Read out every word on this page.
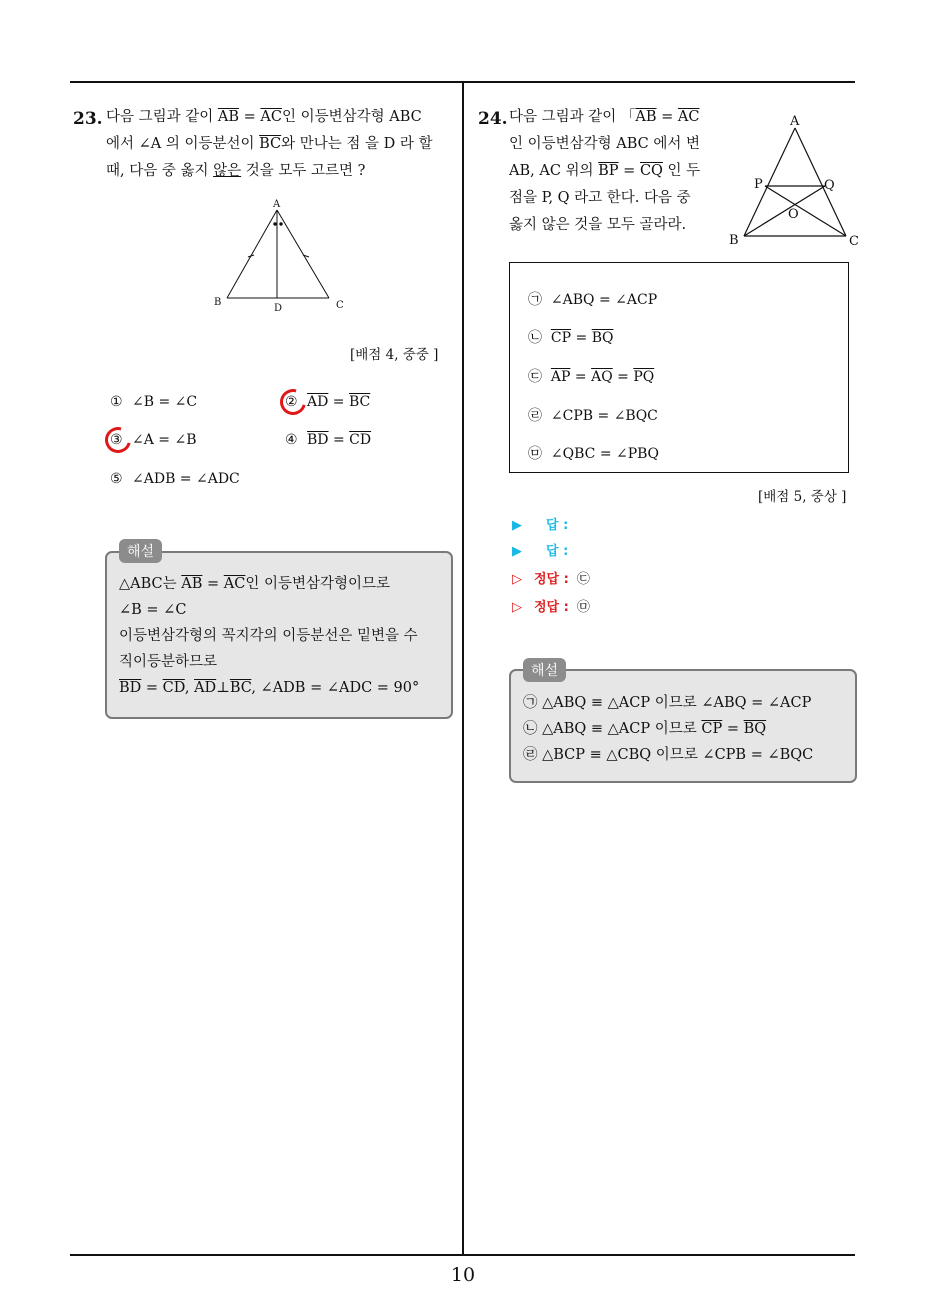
23. 다음 그림과 같이 $\overline{AB} = \overline{AC}$인 이등변삼각형 ABC
에서 ∠A 의 이등분선이 $\overline{BC}$와 만나는 점 을 D 라 할
때, 다음 중 옳지 않은 것을 모두 고르면 ?
A
B	C
D
[배점 4, 중중 ]
① ∠B = ∠C	② $\overline{AD} = \overline{BC}$
③ ∠A = ∠B	④ $\overline{BD} = \overline{CD}$
⑤ ∠ADB = ∠ADC
△ABC는 $\overline{AB} = \overline{AC}$인 이등변삼각형이므로
∠B = ∠C
이등변삼각형의 꼭지각의 이등분선은 밑변을 수
직이등분하므로
$\overline{BD} = \overline{CD}$, $\overline{AD}\perp\overline{BC}$, ∠ADB = ∠ADC = 90°
해설
24. 다음 그림과 같이 「$\overline{AB} = \overline{AC}$
인 이등변삼각형 ABC 에서 변
AB, AC 위의 $\overline{BP} = \overline{CQ}$ 인 두
점을 P, Q 라고 한다. 다음 중
옳지 않은 것을 모두 골라라.
A
B	C
P	Q
O
㉠ ∠ABQ = ∠ACP
㉡ $\overline{CP} = \overline{BQ}$
㉢ $\overline{AP} = \overline{AQ} = \overline{PQ}$
㉣ ∠CPB = ∠BQC
㉤ ∠QBC = ∠PBQ
[배점 5, 중상 ]
▶ 답 :
▶ 답 :
▷ 정답 : ㉢
▷ 정답 : ㉤
㉠ △ABQ ≡ △ACP 이므로 ∠ABQ = ∠ACP
㉡ △ABQ ≡ △ACP 이므로 $\overline{CP} = \overline{BQ}$
㉣ △BCP ≡ △CBQ 이므로 ∠CPB = ∠BQC
해설
10
